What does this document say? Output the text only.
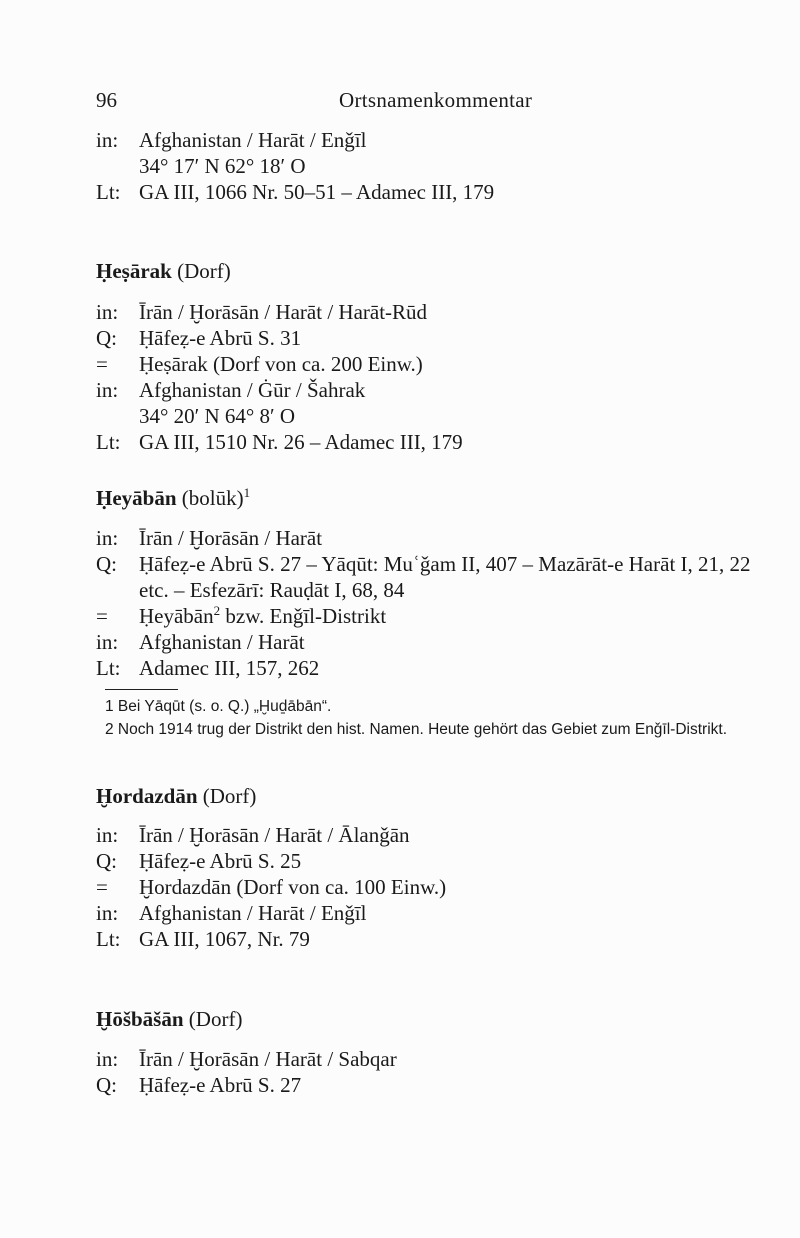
96	Ortsnamenkommentar
in: Afghanistan / Harāt / Enǧīl
34° 17′ N 62° 18′ O
Lt: GA III, 1066 Nr. 50–51 – Adamec III, 179
Ḥeṣārak (Dorf)
in: Īrān / Ḫorāsān / Harāt / Harāt-Rūd
Q: Ḥāfeẓ-e Abrū S. 31
= Ḥeṣārak (Dorf von ca. 200 Einw.)
in: Afghanistan / Ġūr / Šahrak
34° 20′ N 64° 8′ O
Lt: GA III, 1510 Nr. 26 – Adamec III, 179
Ḥeyābān (bolūk)$^1$
in: Īrān / Ḫorāsān / Harāt
Q: Ḥāfeẓ-e Abrū S. 27 – Yāqūt: Muʿǧam II, 407 – Mazārāt-e Harāt I, 21, 22
etc. – Esfezārī: Rauḍāt I, 68, 84
= Ḥeyābān$^2$ bzw. Enǧīl-Distrikt
in: Afghanistan / Harāt
Lt: Adamec III, 157, 262
1 Bei Yāqūt (s. o. Q.) „Ḫuḏābān“.
2 Noch 1914 trug der Distrikt den hist. Namen. Heute gehört das Gebiet zum Enǧīl-Distrikt.
Ḫordazdān (Dorf)
in: Īrān / Ḫorāsān / Harāt / Ālanǧān
Q: Ḥāfeẓ-e Abrū S. 25
= Ḫordazdān (Dorf von ca. 100 Einw.)
in: Afghanistan / Harāt / Enǧīl
Lt: GA III, 1067, Nr. 79
Ḫōšbāšān (Dorf)
in: Īrān / Ḫorāsān / Harāt / Sabqar
Q: Ḥāfeẓ-e Abrū S. 27
